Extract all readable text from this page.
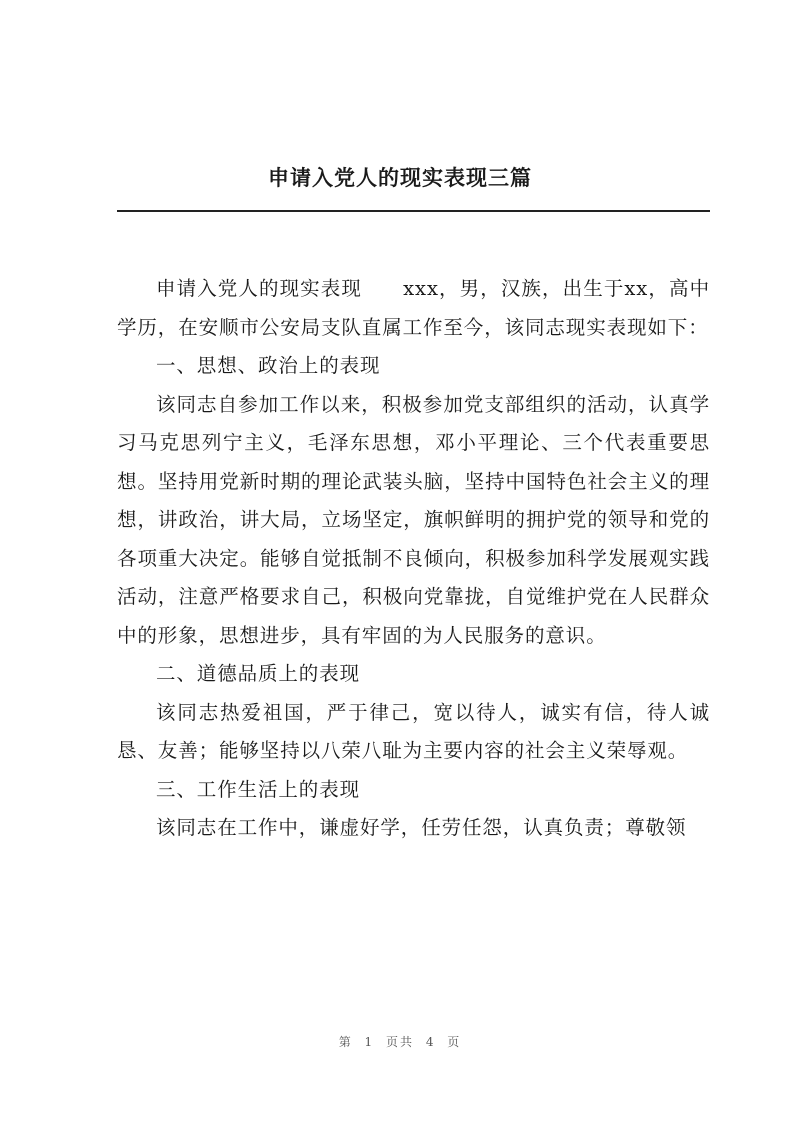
申请入党人的现实表现三篇

申请入党人的现实表现　　xxx，男，汉族，出生于xx，高中学历，在安顺市公安局支队直属工作至今，该同志现实表现如下：

一、思想、政治上的表现

该同志自参加工作以来，积极参加党支部组织的活动，认真学习马克思列宁主义，毛泽东思想，邓小平理论、三个代表重要思想。坚持用党新时期的理论武装头脑，坚持中国特色社会主义的理想，讲政治，讲大局，立场坚定，旗帜鲜明的拥护党的领导和党的各项重大决定。能够自觉抵制不良倾向，积极参加科学发展观实践活动，注意严格要求自己，积极向党靠拢，自觉维护党在人民群众中的形象，思想进步，具有牢固的为人民服务的意识。

二、道德品质上的表现

该同志热爱祖国，严于律己，宽以待人，诚实有信，待人诚恳、友善；能够坚持以八荣八耻为主要内容的社会主义荣辱观。

三、工作生活上的表现

该同志在工作中，谦虚好学，任劳任怨，认真负责；尊敬领

第 1 页共 4 页
